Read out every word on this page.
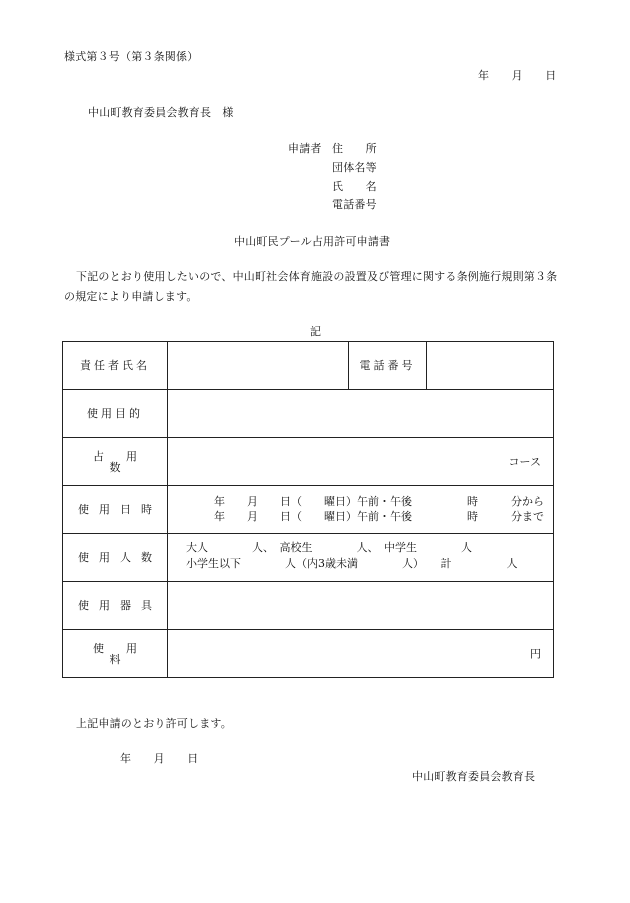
様式第３号（第３条関係）
年　　月　　日
中山町教育委員会教育長　様
申請者 住　　所
団体名等
氏　　名
電話番号
中山町民プール占用許可申請書
下記のとおり使用したいので、中山町社会体育施設の設置及び管理に関する条例施行規則第３条
の規定により申請します。
記
責任者氏名		電話番号	
使用目的			
占用数	コース		

使用日時	年　　月　　日（　　曜日）午前・午後　　　　　時　　　分から
年　　月　　日（　　曜日）午前・午後　　　　　時　　　分まで		

使用人数	大人　　　　人、　高校生　　　　人、　中学生　　　　人
小学生以下　　　　人（内3歳未満　　　　人）　　計　　　　　人		

使用器具			
使用料	円		
上記申請のとおり許可します。
年　　月　　日
中山町教育委員会教育長
